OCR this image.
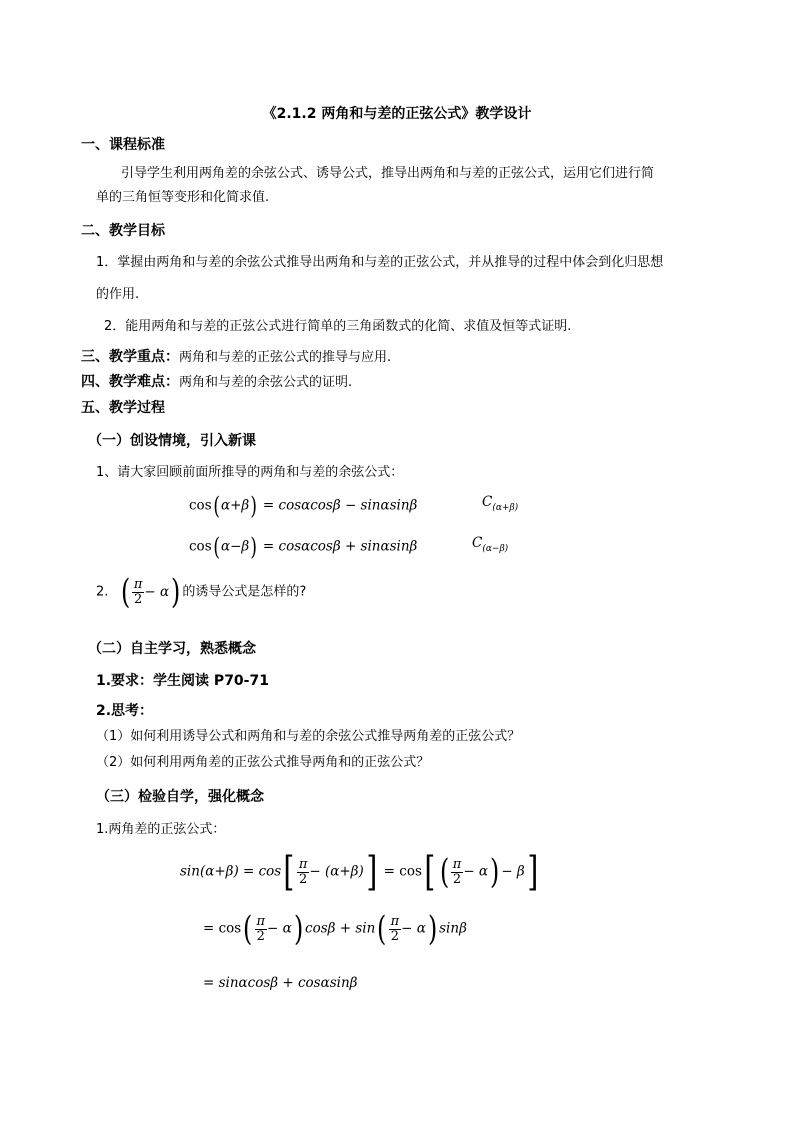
《2.1.2 两角和与差的正弦公式》教学设计
一、课程标准
引导学生利用两角差的余弦公式、诱导公式，推导出两角和与差的正弦公式，运用它们进行简
单的三角恒等变形和化简求值.
二、教学目标
1．掌握由两角和与差的余弦公式推导出两角和与差的正弦公式，并从推导的过程中体会到化归思想
的作用.
2．能用两角和与差的正弦公式进行简单的三角函数式的化简、求值及恒等式证明.
三、教学重点：两角和与差的正弦公式的推导与应用.
四、教学难点：两角和与差的余弦公式的证明.
五、教学过程
（一）创设情境，引入新课
1、请大家回顾前面所推导的两角和与差的余弦公式：
cos(α+β) = cosαcosβ − sinαsinβ	$C_{(\alpha+\beta)}$
cos(α−β) = cosαcosβ + sinαsinβ	$C_{(\alpha-\beta)}$
2. ( $\frac{\pi}{2} - \alpha$) 的诱导公式是怎样的?
（二）自主学习，熟悉概念
1.要求：学生阅读 P70-71
2.思考：
（1）如何利用诱导公式和两角和与差的余弦公式推导两角差的正弦公式？
（2）如何利用两角差的正弦公式推导两角和的正弦公式？
（三）检验自学，强化概念
1.两角差的正弦公式：
$\sin(\alpha+\beta) = \cos[ \frac{\pi}{2} - (\alpha+\beta)] = \cos$[ ( $\frac{\pi}{2} - \alpha) - \beta$]
= $\cos( \frac{\pi}{2} - \alpha)$ $\cos\beta + \sin( \frac{\pi}{2} - \alpha)$ sinβ
= sinαcosβ + cosαsinβ
